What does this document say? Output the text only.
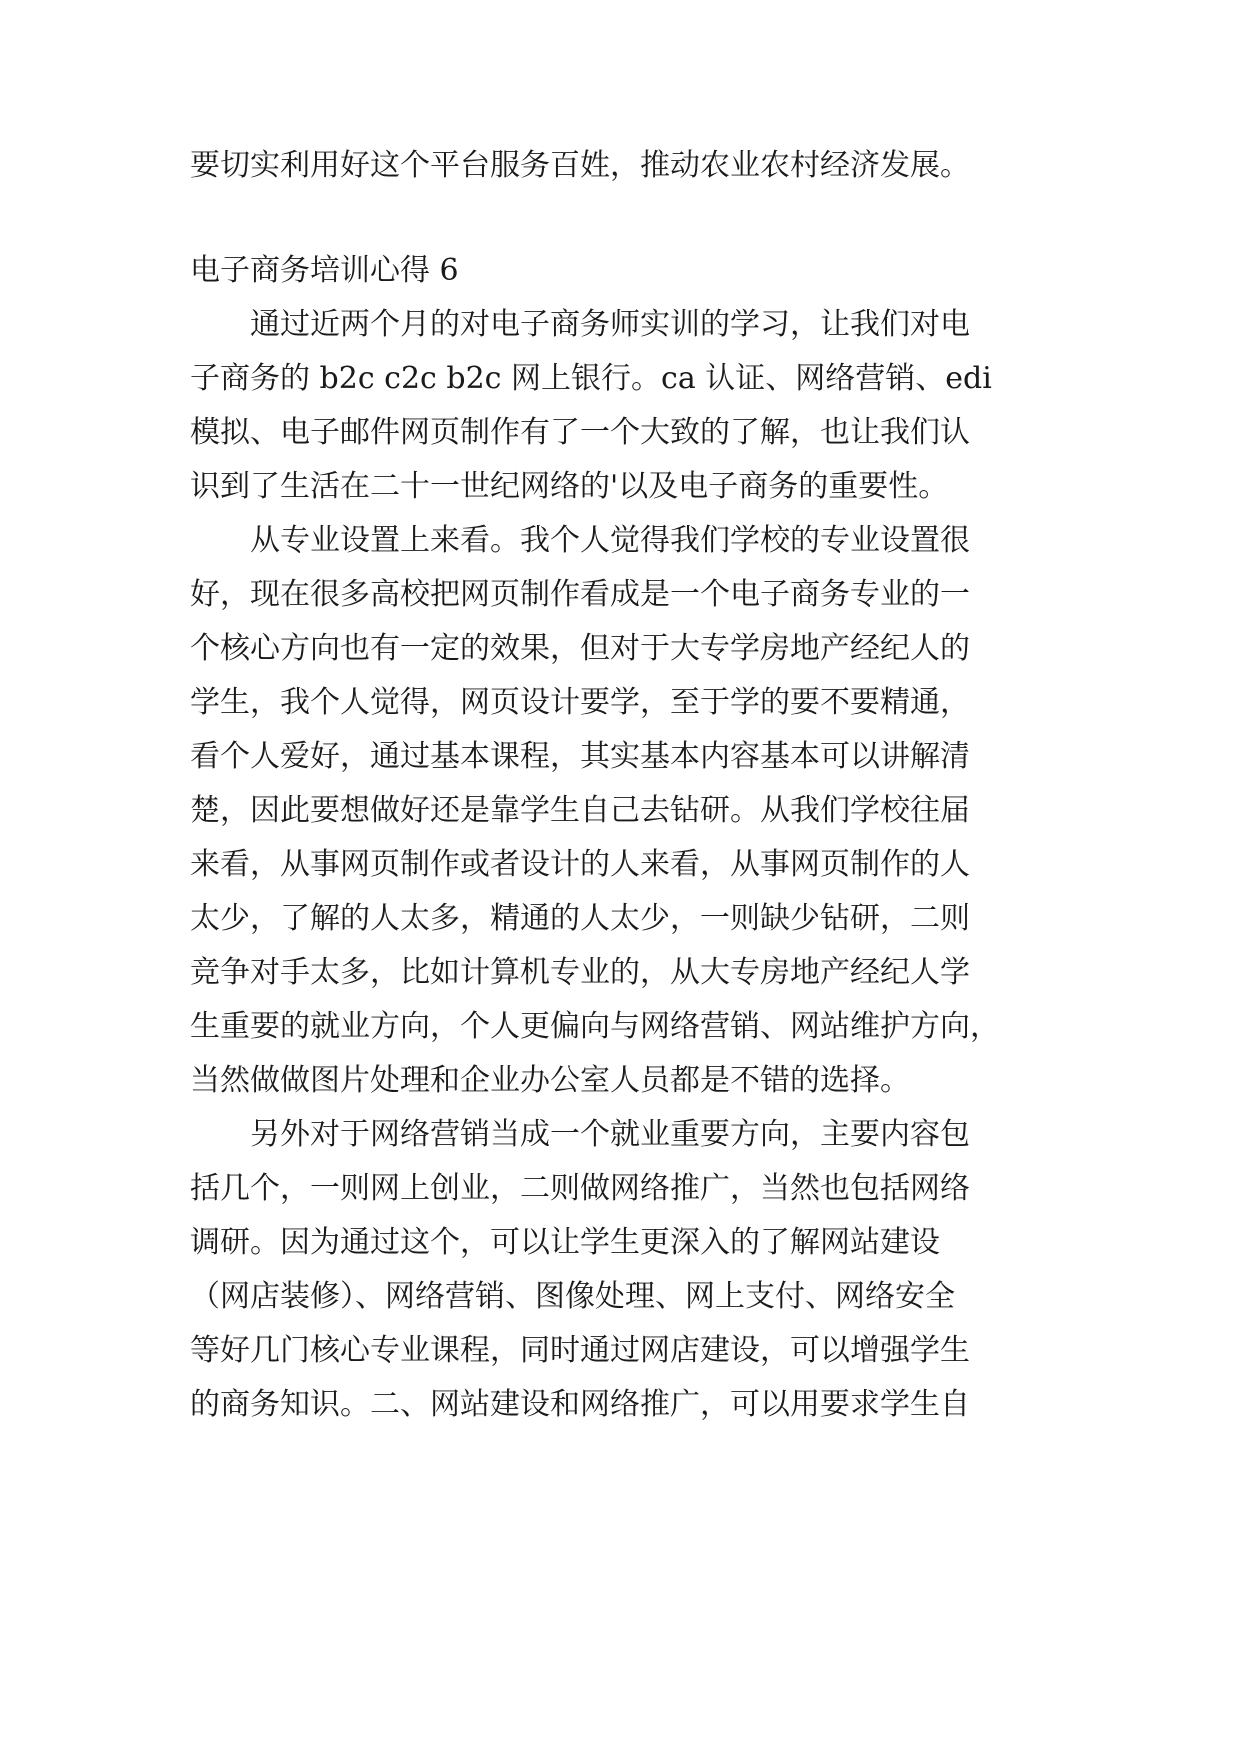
要切实利用好这个平台服务百姓，推动农业农村经济发展。
电子商务培训心得 6
　　通过近两个月的对电子商务师实训的学习，让我们对电
子商务的 b2c c2c b2c 网上银行。ca 认证、网络营销、edi
模拟、电子邮件网页制作有了一个大致的了解，也让我们认
识到了生活在二十一世纪网络的'以及电子商务的重要性。
　　从专业设置上来看。我个人觉得我们学校的专业设置很
好，现在很多高校把网页制作看成是一个电子商务专业的一
个核心方向也有一定的效果，但对于大专学房地产经纪人的
学生，我个人觉得，网页设计要学，至于学的要不要精通，
看个人爱好，通过基本课程，其实基本内容基本可以讲解清
楚，因此要想做好还是靠学生自己去钻研。从我们学校往届
来看，从事网页制作或者设计的人来看，从事网页制作的人
太少，了解的人太多，精通的人太少，一则缺少钻研，二则
竞争对手太多，比如计算机专业的，从大专房地产经纪人学
生重要的就业方向，个人更偏向与网络营销、网站维护方向，
当然做做图片处理和企业办公室人员都是不错的选择。
　　另外对于网络营销当成一个就业重要方向，主要内容包
括几个，一则网上创业，二则做网络推广，当然也包括网络
调研。因为通过这个，可以让学生更深入的了解网站建设
（网店装修）、网络营销、图像处理、网上支付、网络安全
等好几门核心专业课程，同时通过网店建设，可以增强学生
的商务知识。二、网站建设和网络推广，可以用要求学生自
